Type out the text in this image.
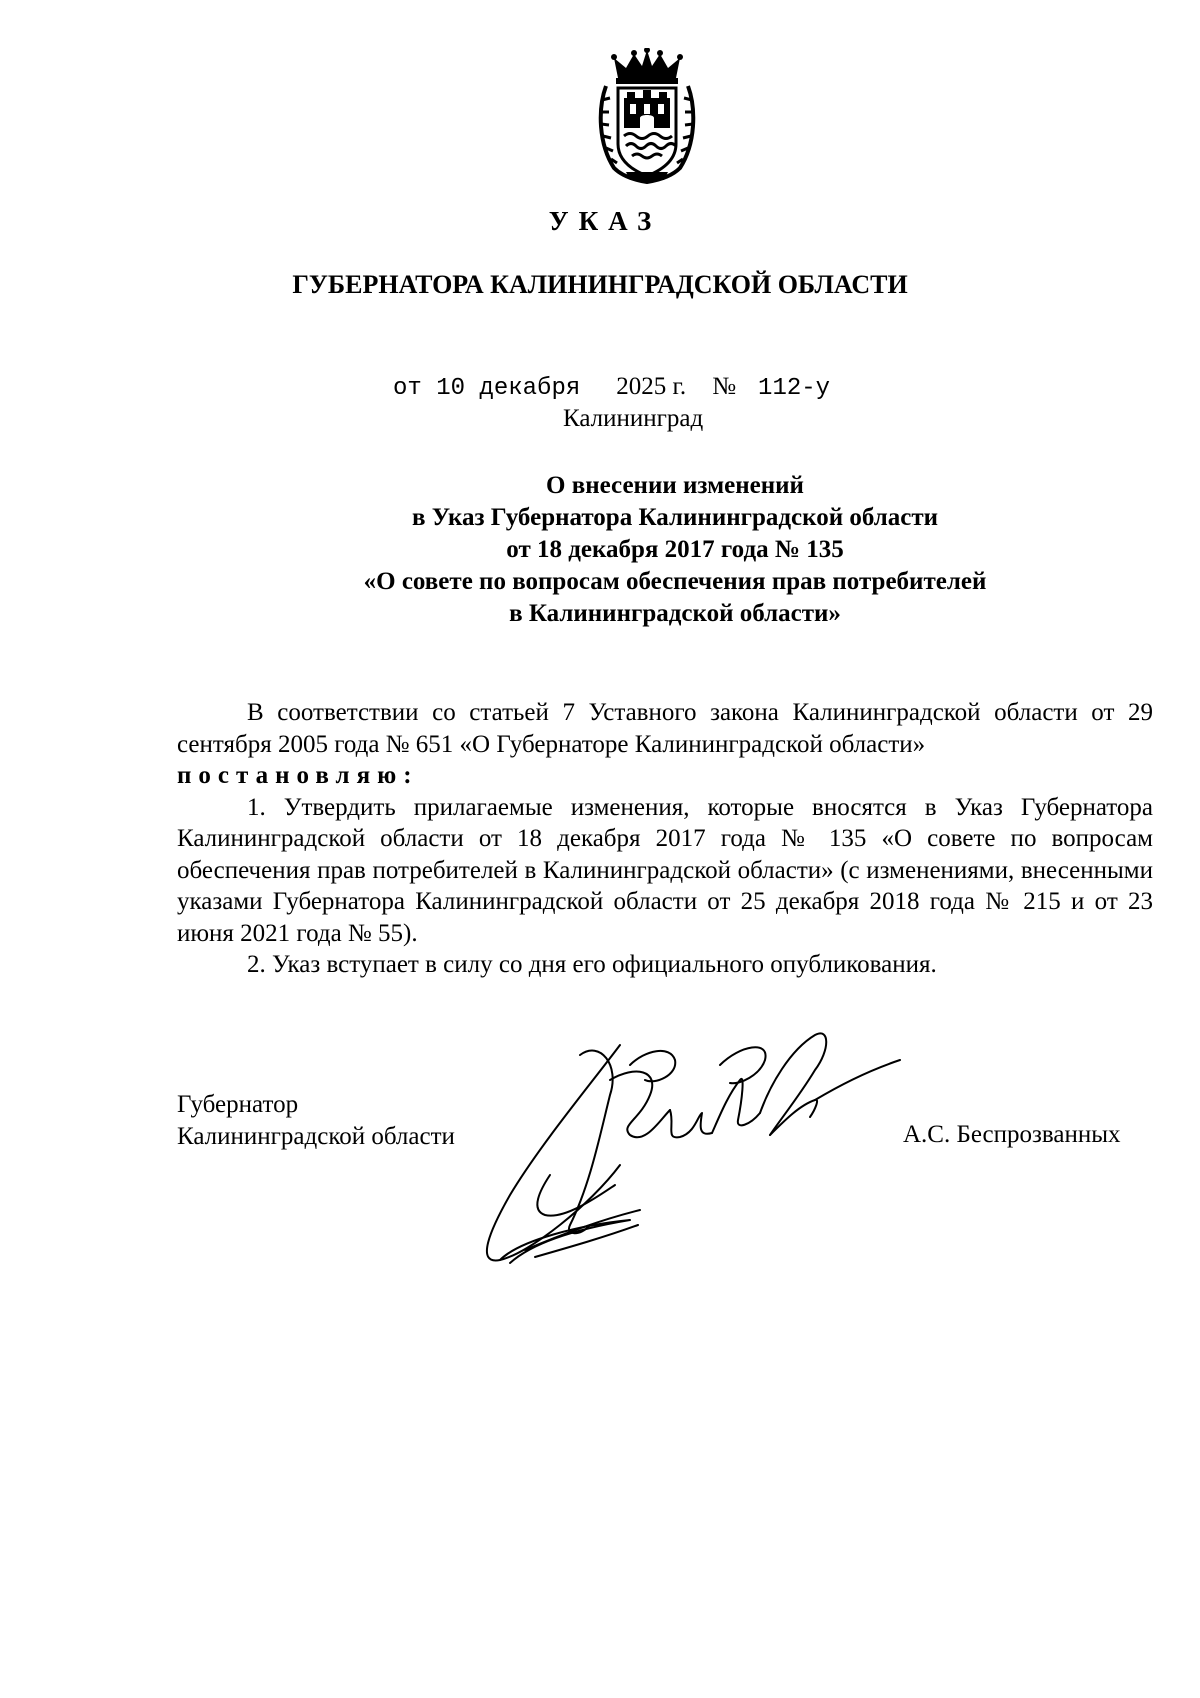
УКАЗ
ГУБЕРНАТОРА КАЛИНИНГРАДСКОЙ ОБЛАСТИ
от 10 декабря 2025 г. № 112-у
Калининград
О внесении изменений
в Указ Губернатора Калининградской области
от 18 декабря 2017 года № 135
«О совете по вопросам обеспечения прав потребителей
в Калининградской области»

В соответствии со статьей 7 Уставного закона Калининградской области от 29 сентября 2005 года № 651 «О Губернаторе Калининградской области»

постановляю:

1. Утвердить прилагаемые изменения, которые вносятся в Указ Губернатора Калининградской области от 18 декабря 2017 года № 135 «О совете по вопросам обеспечения прав потребителей в Калининградской области» (с изменениями, внесенными указами Губернатора Калининградской области от 25 декабря 2018 года № 215 и от 23 июня 2021 года № 55).

2. Указ вступает в силу со дня его официального опубликования.

Губернатор
Калининградской области	А.С. Беспрозванных
